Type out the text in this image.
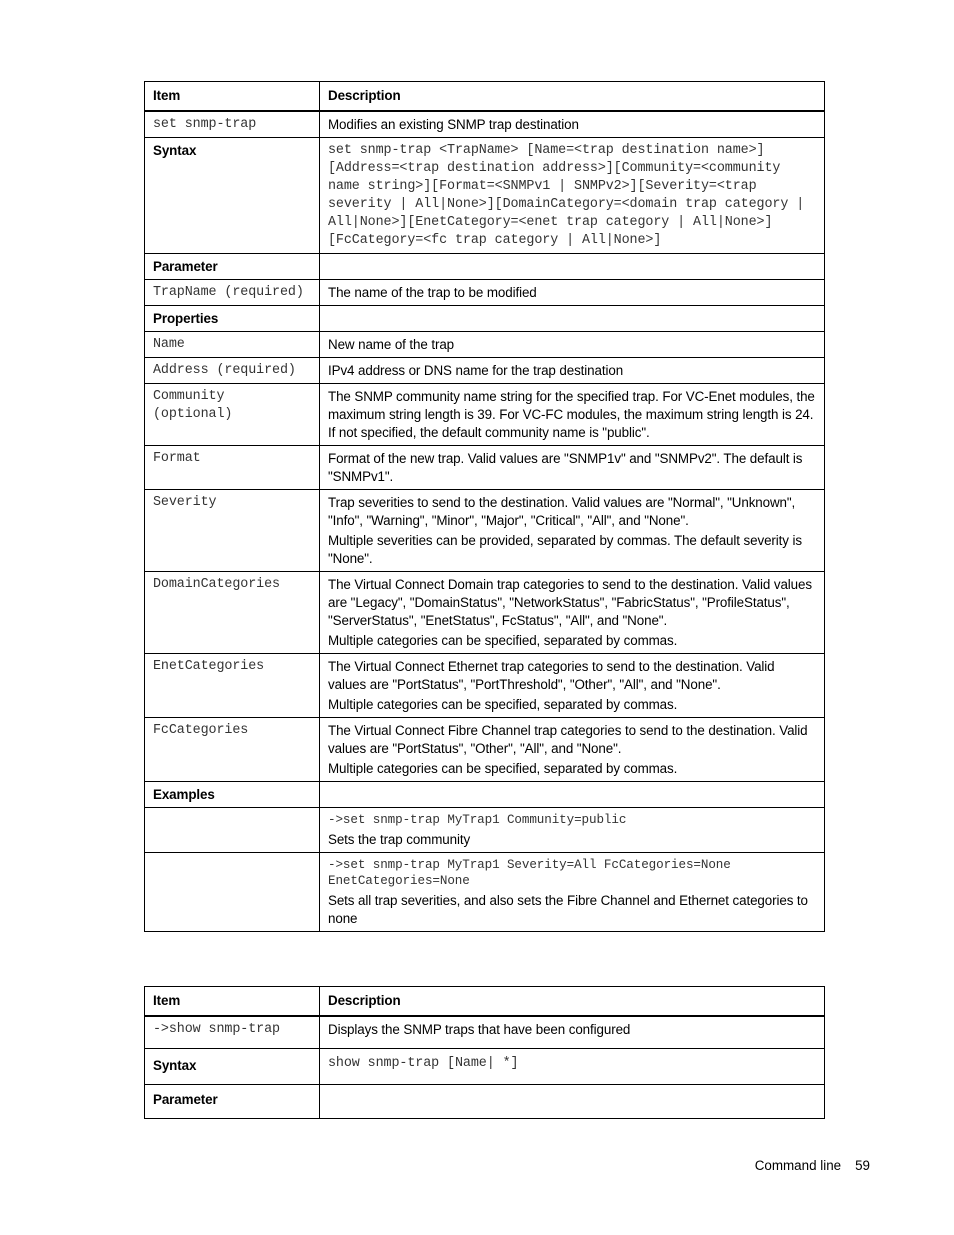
Item	Description
set snmp-trap	Modifies an existing SNMP trap destination
Syntax	set snmp-trap <TrapName> [Name=<trap destination name>][Address=<trap destination address>][Community=<community name string>][Format=<SNMPv1 | SNMPv2>][Severity=<trap severity | All|None>][DomainCategory=<domain trap category | All|None>][EnetCategory=<enet trap category | All|None>][FcCategory=<fc trap category | All|None>]
Parameter	
TrapName (required)	The name of the trap to be modified
Properties	
Name	New name of the trap

Address (required)	IPv4 address or DNS name for the trap destination

Community (optional)	The SNMP community name string for the specified trap. For VC-Enet modules, the maximum string length is 39. For VC-FC modules, the maximum string length is 24. If not specified, the default community name is "public".

Format	Format of the new trap. Valid values are "SNMP1v" and "SNMPv2". The default is "SNMPv1".

Severity	Trap severities to send to the destination. Valid values are "Normal", "Unknown", "Info", "Warning", "Minor", "Major", "Critical", "All", and "None".
Multiple severities can be provided, separated by commas. The default severity is "None".

DomainCategories	The Virtual Connect Domain trap categories to send to the destination. Valid values are "Legacy", "DomainStatus", "NetworkStatus", "FabricStatus", "ProfileStatus", "ServerStatus", "EnetStatus", FcStatus", "All", and "None".
Multiple categories can be specified, separated by commas.

EnetCategories	The Virtual Connect Ethernet trap categories to send to the destination. Valid values are "PortStatus", "PortThreshold", "Other", "All", and "None".
Multiple categories can be specified, separated by commas.

FcCategories	The Virtual Connect Fibre Channel trap categories to send to the destination. Valid values are "PortStatus", "Other", "All", and "None".
Multiple categories can be specified, separated by commas.

Examples	

	->set snmp-trap MyTrap1 Community=public
Sets the trap community

	->set snmp-trap MyTrap1 Severity=All FcCategories=None EnetCategories=None
Sets all trap severities, and also sets the Fibre Channel and Ethernet categories to none
Item	Description
->show snmp-trap	Displays the SNMP traps that have been configured
Syntax	show snmp-trap [Name| *]
Parameter	
Command line 59
